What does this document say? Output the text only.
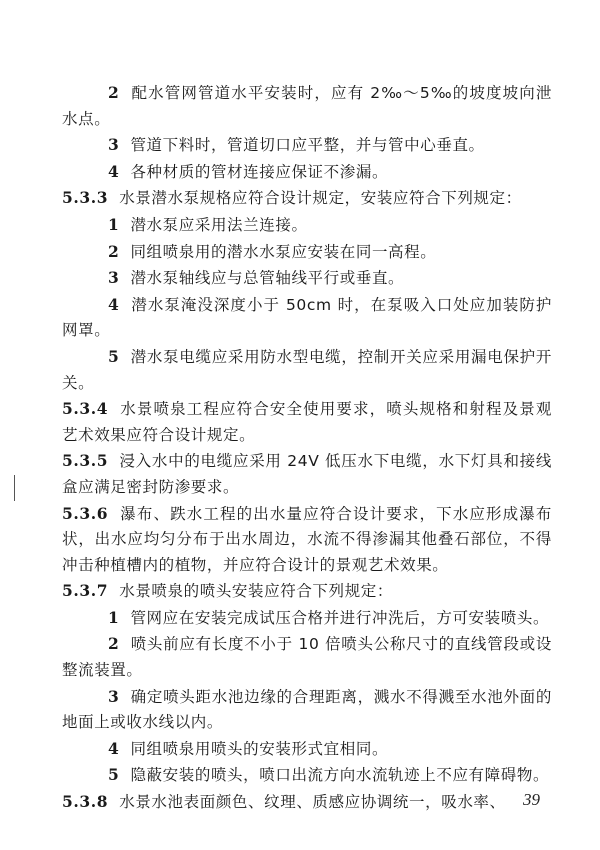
2 配水管网管道水平安装时，应有 2‰～5‰的坡度坡向泄水点。

3 管道下料时，管道切口应平整，并与管中心垂直。

4 各种材质的管材连接应保证不渗漏。

5.3.3 水景潜水泵规格应符合设计规定，安装应符合下列规定：

1 潜水泵应采用法兰连接。

2 同组喷泉用的潜水水泵应安装在同一高程。

3 潜水泵轴线应与总管轴线平行或垂直。

4 潜水泵淹没深度小于 50cm 时，在泵吸入口处应加装防护网罩。

5 潜水泵电缆应采用防水型电缆，控制开关应采用漏电保护开关。

5.3.4 水景喷泉工程应符合安全使用要求，喷头规格和射程及景观艺术效果应符合设计规定。

5.3.5 浸入水中的电缆应采用 24V 低压水下电缆，水下灯具和接线盒应满足密封防渗要求。

5.3.6 瀑布、跌水工程的出水量应符合设计要求，下水应形成瀑布状，出水应均匀分布于出水周边，水流不得渗漏其他叠石部位，不得冲击种植槽内的植物，并应符合设计的景观艺术效果。

5.3.7 水景喷泉的喷头安装应符合下列规定：

1 管网应在安装完成试压合格并进行冲洗后，方可安装喷头。

2 喷头前应有长度不小于 10 倍喷头公称尺寸的直线管段或设整流装置。

3 确定喷头距水池边缘的合理距离，溅水不得溅至水池外面的地面上或收水线以内。

4 同组喷泉用喷头的安装形式宜相同。

5 隐蔽安装的喷头，喷口出流方向水流轨迹上不应有障碍物。

5.3.8 水景水池表面颜色、纹理、质感应协调统一，吸水率、	39
